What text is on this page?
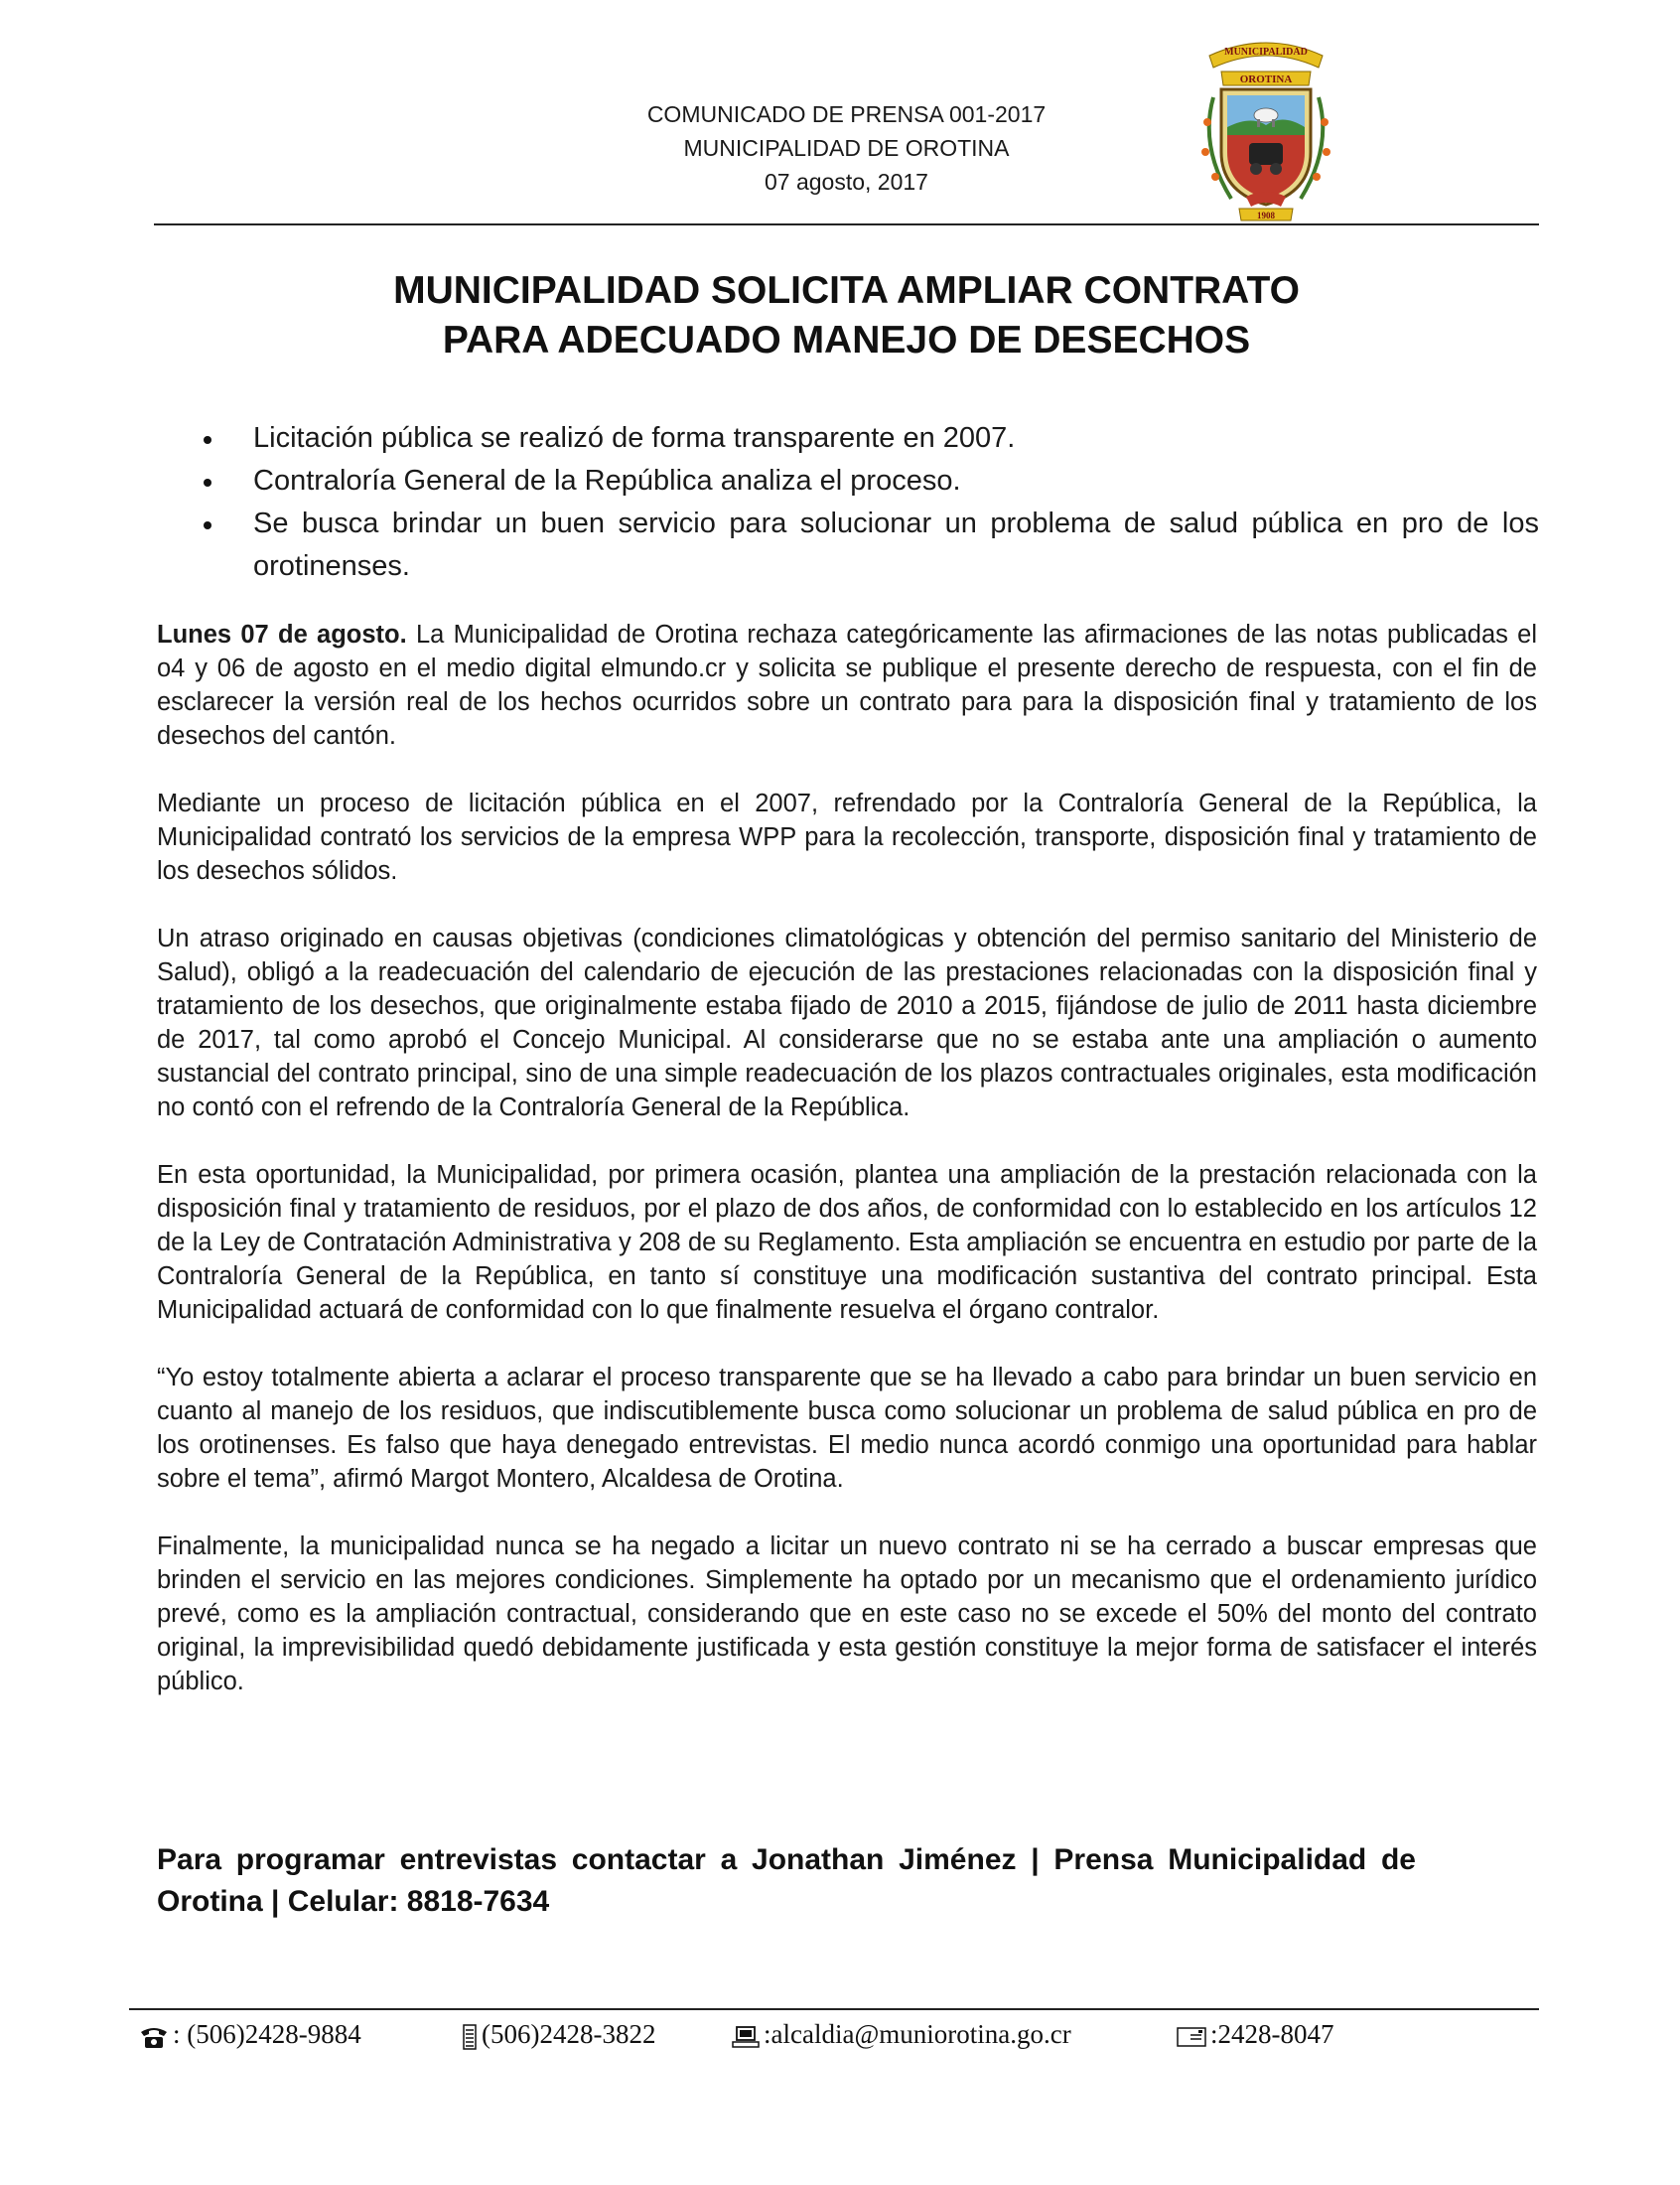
COMUNICADO DE PRENSA 001-2017
MUNICIPALIDAD DE OROTINA
07 agosto, 2017
MUNICIPALIDAD
OROTINA
1908
MUNICIPALIDAD SOLICITA AMPLIAR CONTRATO
PARA ADECUADO MANEJO DE DESECHOS
Licitación pública se realizó de forma transparente en 2007.
Contraloría General de la República analiza el proceso.
Se busca brindar un buen servicio para solucionar un problema de salud pública en pro de los orotinenses.

Lunes 07 de agosto. La Municipalidad de Orotina rechaza categóricamente las afirmaciones de las notas publicadas el o4 y 06 de agosto en el medio digital elmundo.cr y solicita se publique el presente derecho de respuesta, con el fin de esclarecer la versión real de los hechos ocurridos sobre un contrato para para la disposición final y tratamiento de los desechos del cantón.

Mediante un proceso de licitación pública en el 2007, refrendado por la Contraloría General de la República, la Municipalidad contrató los servicios de la empresa WPP para la recolección, transporte, disposición final y tratamiento de los desechos sólidos.

Un atraso originado en causas objetivas (condiciones climatológicas y obtención del permiso sanitario del Ministerio de Salud), obligó a la readecuación del calendario de ejecución de las prestaciones relacionadas con la disposición final y tratamiento de los desechos, que originalmente estaba fijado de 2010 a 2015, fijándose de julio de 2011 hasta diciembre de 2017, tal como aprobó el Concejo Municipal. Al considerarse que no se estaba ante una ampliación o aumento sustancial del contrato principal, sino de una simple readecuación de los plazos contractuales originales, esta modificación no contó con el refrendo de la Contraloría General de la República.

En esta oportunidad, la Municipalidad, por primera ocasión, plantea una ampliación de la prestación relacionada con la disposición final y tratamiento de residuos, por el plazo de dos años, de conformidad con lo establecido en los artículos 12 de la Ley de Contratación Administrativa y 208 de su Reglamento. Esta ampliación se encuentra en estudio por parte de la Contraloría General de la República, en tanto sí constituye una modificación sustantiva del contrato principal. Esta Municipalidad actuará de conformidad con lo que finalmente resuelva el órgano contralor.

“Yo estoy totalmente abierta a aclarar el proceso transparente que se ha llevado a cabo para brindar un buen servicio en cuanto al manejo de los residuos, que indiscutiblemente busca como solucionar un problema de salud pública en pro de los orotinenses. Es falso que haya denegado entrevistas. El medio nunca acordó conmigo una oportunidad para hablar sobre el tema”, afirmó Margot Montero, Alcaldesa de Orotina.

Finalmente, la municipalidad nunca se ha negado a licitar un nuevo contrato ni se ha cerrado a buscar empresas que brinden el servicio en las mejores condiciones. Simplemente ha optado por un mecanismo que el ordenamiento jurídico prevé, como es la ampliación contractual, considerando que en este caso no se excede el 50% del monto del contrato original, la imprevisibilidad quedó debidamente justificada y esta gestión constituye la mejor forma de satisfacer el interés público.

Para programar entrevistas contactar a Jonathan Jiménez | Prensa Municipalidad de Orotina | Celular: 8818-7634
: (506)2428-9884	(506)2428-3822	:alcaldia@muniorotina.go.cr	:2428-8047
